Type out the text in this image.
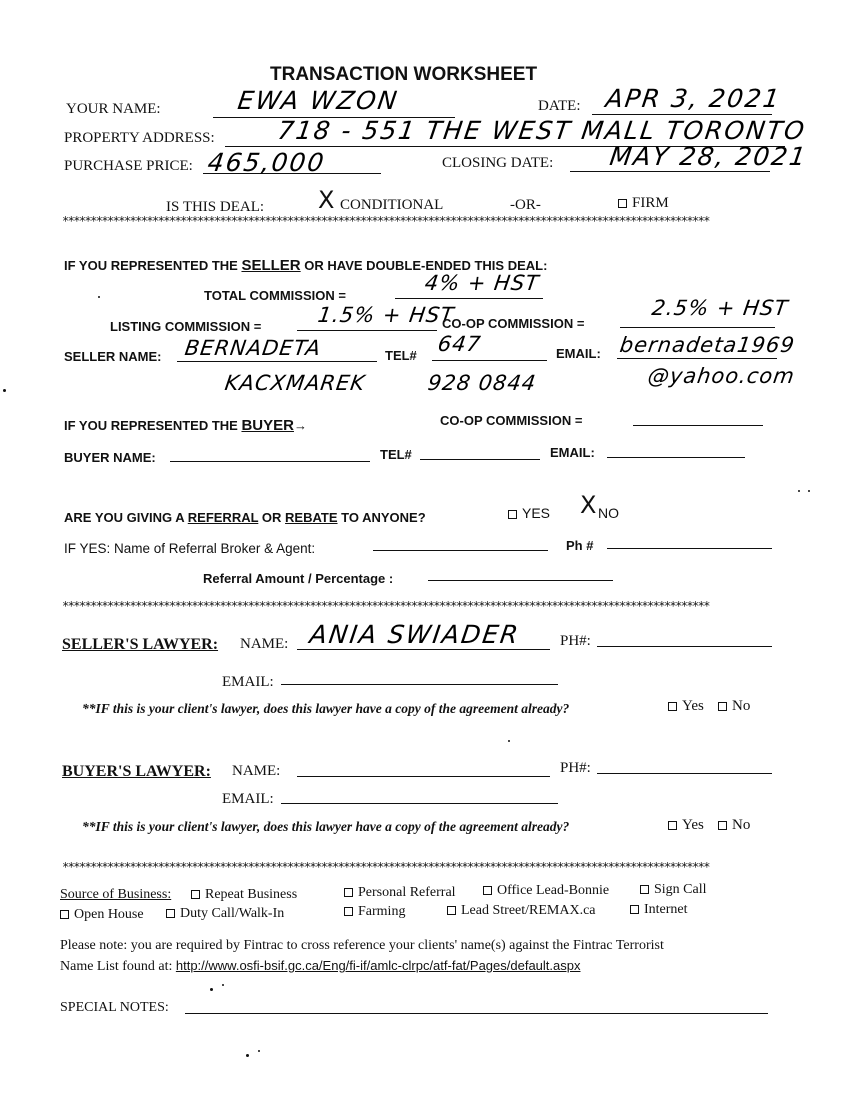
TRANSACTION WORKSHEET
YOUR NAME:	EWA WZON	DATE: APR 3, 2021
PROPERTY ADDRESS: 718 - 551 THE WEST MALL TORONTO
PURCHASE PRICE: 465,000	CLOSING DATE: MAY 28, 2021
IS THIS DEAL: X CONDITIONAL	-OR-	FIRM
*******************************************************************************************************************
IF YOU REPRESENTED THE SELLER OR HAVE DOUBLE-ENDED THIS DEAL:
TOTAL COMMISSION =
4% + HST
LISTING COMMISSION =	1.5% + HST
CO-OP COMMISSION =
2.5% + HST
SELLER NAME: BERNADETA
KACXMAREK
TEL# 647
928 0844
EMAIL: bernadeta1969
@yahoo.com
IF YOU REPRESENTED THE BUYER→	CO-OP COMMISSION =
BUYER NAME:	TEL#	EMAIL:
ARE YOU GIVING A REFERRAL OR REBATE TO ANYONE?	YES X NO
IF YES: Name of Referral Broker & Agent:	Ph #
Referral Amount / Percentage :
*******************************************************************************************************************
SELLER'S LAWYER: NAME: ANIA SWIADER	PH#:
EMAIL:
**IF this is your client's lawyer, does this lawyer have a copy of the agreement already?	Yes	No
BUYER'S LAWYER: NAME:	PH#:
EMAIL:
**IF this is your client's lawyer, does this lawyer have a copy of the agreement already?	Yes	No
*******************************************************************************************************************
Source of Business:	Repeat Business	Personal Referral	Office Lead-Bonnie	Sign Call
Open House	Duty Call/Walk-In	Farming	Lead Street/REMAX.ca	Internet
Please note: you are required by Fintrac to cross reference your clients' name(s) against the Fintrac Terrorist
Name List found at: http://www.osfi-bsif.gc.ca/Eng/fi-if/amlc-clrpc/atf-fat/Pages/default.aspx
SPECIAL NOTES:
